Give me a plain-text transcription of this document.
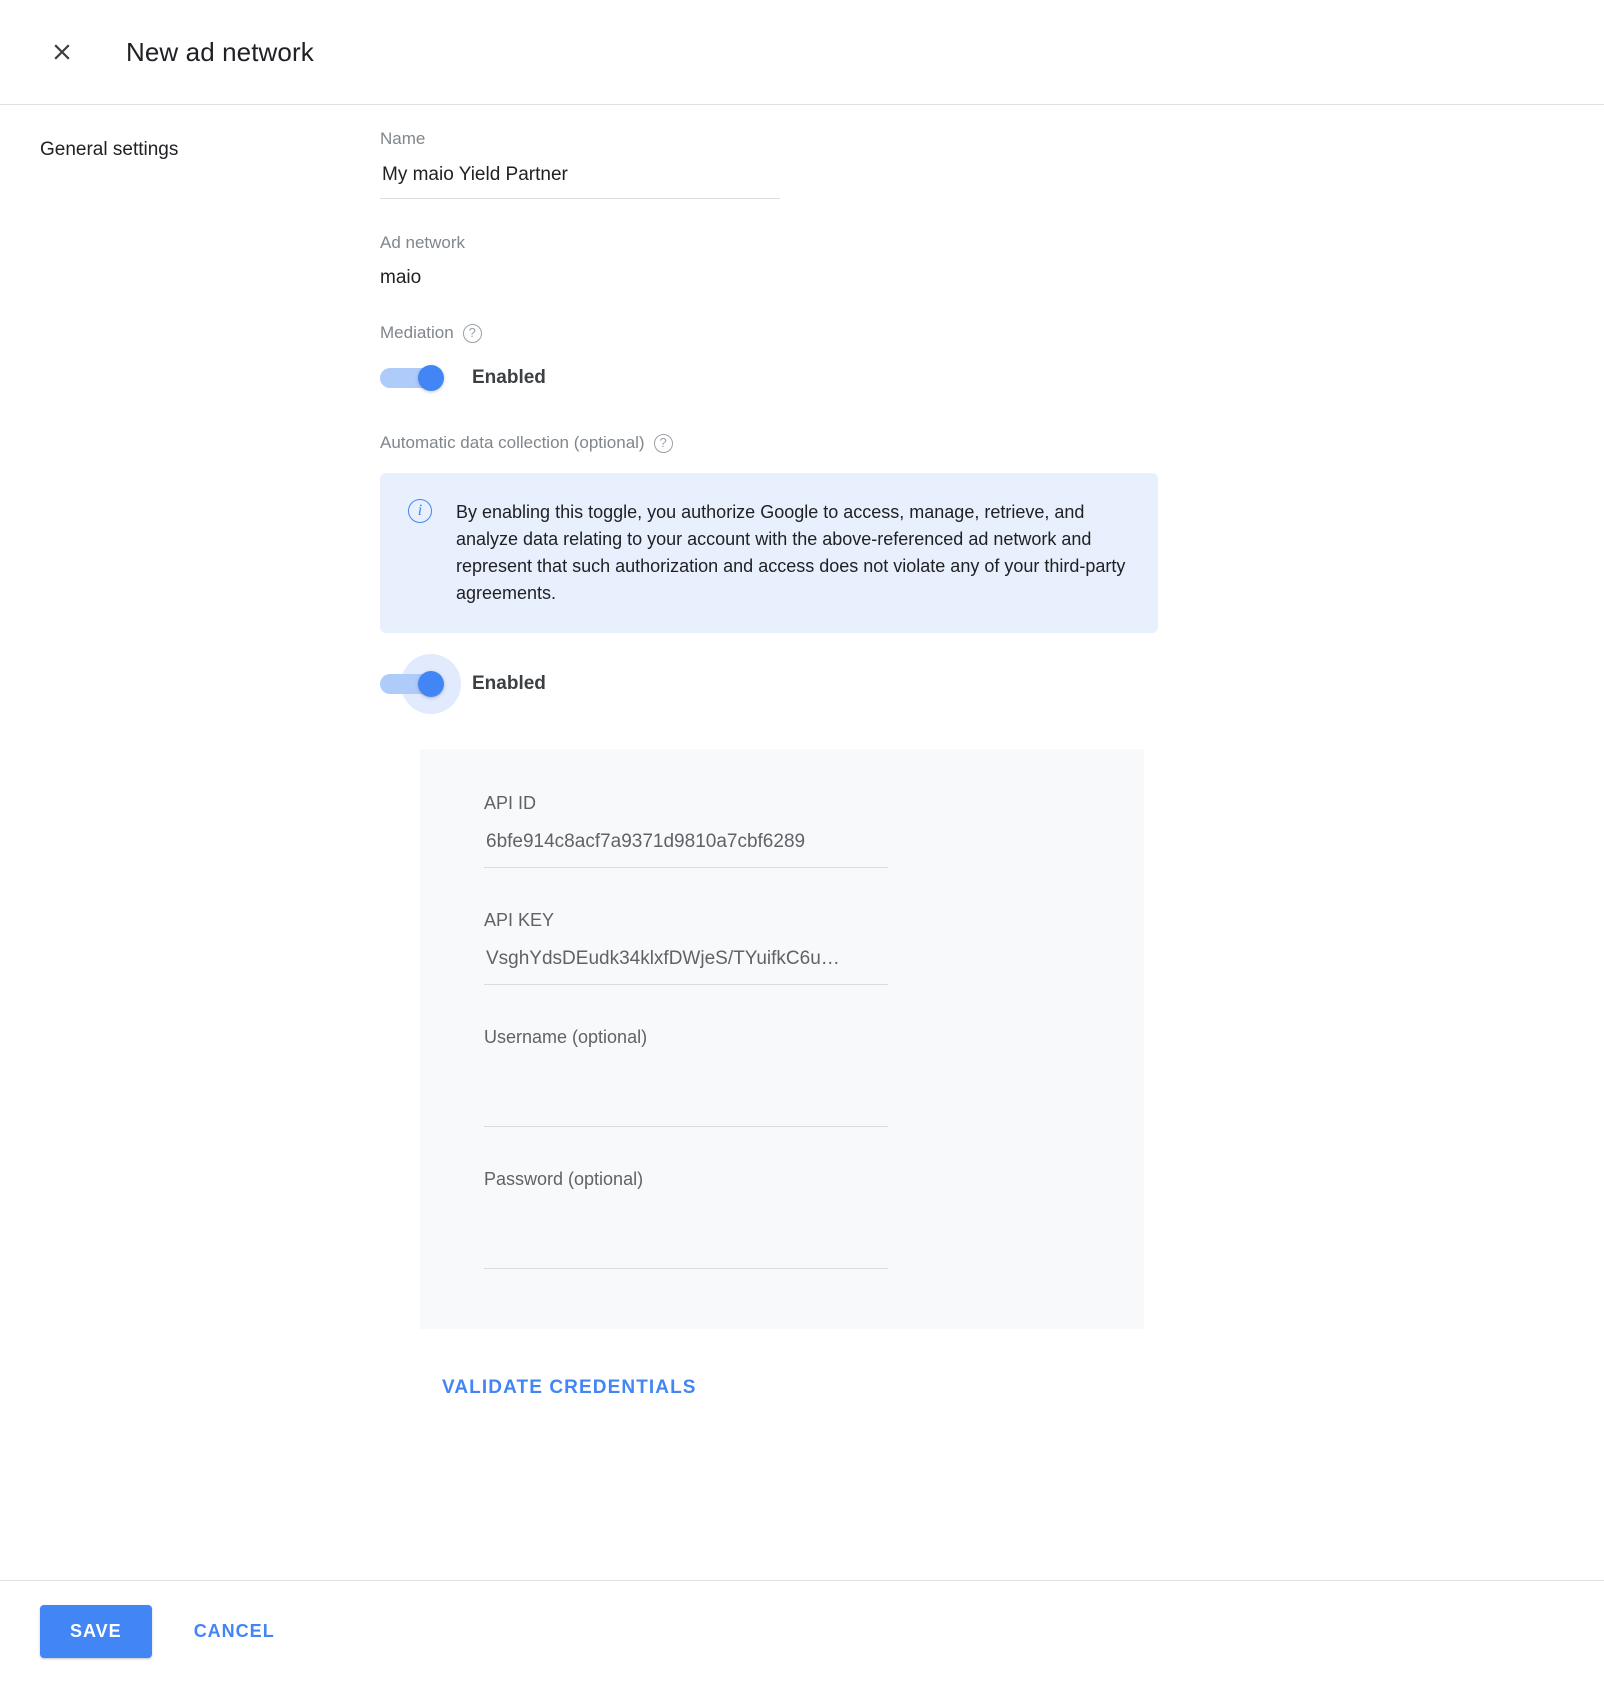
New ad network
General settings
Name
My maio Yield Partner
Ad network
maio
Mediation	?
Enabled
Automatic data collection (optional)	?
i	By enabling this toggle, you authorize Google to access, manage, retrieve, and analyze data relating to your account with the above-referenced ad network and represent that such authorization and access does not violate any of your third-party agreements.
Enabled
API ID
6bfe914c8acf7a9371d9810a7cbf6289
API KEY
VsghYdsDEudk34klxfDWjeS/TYuifkC6u…
Username (optional)
Password (optional)
VALIDATE CREDENTIALS
SAVE	CANCEL
